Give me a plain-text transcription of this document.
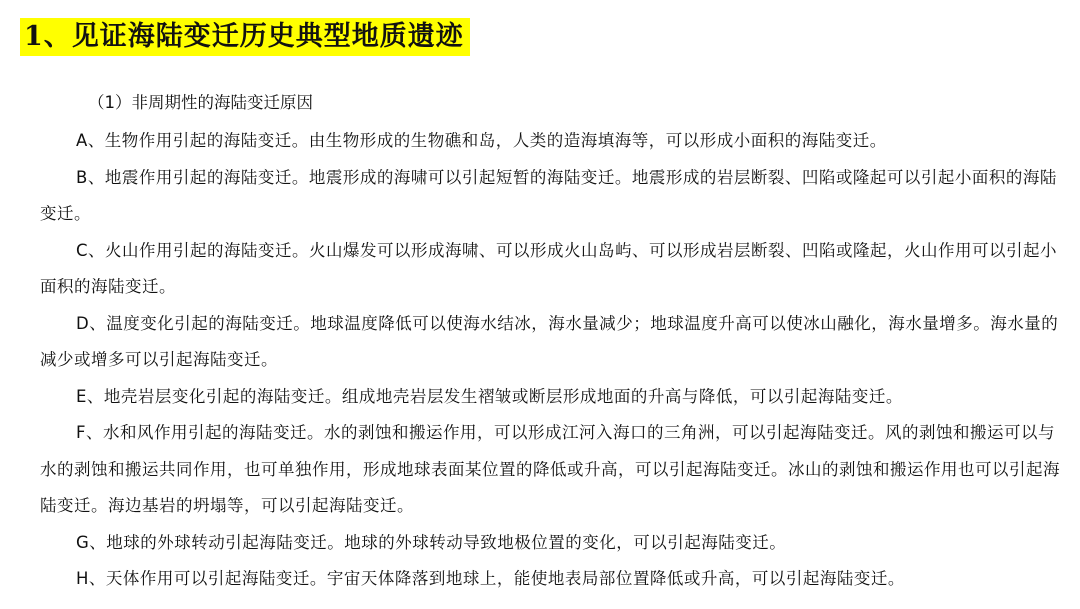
1、见证海陆变迁历史典型地质遗迹
（1）非周期性的海陆变迁原因

A、生物作用引起的海陆变迁。由生物形成的生物礁和岛，人类的造海填海等，可以形成小面积的海陆变迁。

B、地震作用引起的海陆变迁。地震形成的海啸可以引起短暂的海陆变迁。地震形成的岩层断裂、凹陷或隆起可以引起小面积的海陆变迁。

C、火山作用引起的海陆变迁。火山爆发可以形成海啸、可以形成火山岛屿、可以形成岩层断裂、凹陷或隆起，火山作用可以引起小面积的海陆变迁。

D、温度变化引起的海陆变迁。地球温度降低可以使海水结冰，海水量减少；地球温度升高可以使冰山融化，海水量增多。海水量的减少或增多可以引起海陆变迁。

E、地壳岩层变化引起的海陆变迁。组成地壳岩层发生褶皱或断层形成地面的升高与降低，可以引起海陆变迁。

F、水和风作用引起的海陆变迁。水的剥蚀和搬运作用，可以形成江河入海口的三角洲，可以引起海陆变迁。风的剥蚀和搬运可以与水的剥蚀和搬运共同作用，也可单独作用，形成地球表面某位置的降低或升高，可以引起海陆变迁。冰山的剥蚀和搬运作用也可以引起海陆变迁。海边基岩的坍塌等，可以引起海陆变迁。

G、地球的外球转动引起海陆变迁。地球的外球转动导致地极位置的变化，可以引起海陆变迁。

H、天体作用可以引起海陆变迁。宇宙天体降落到地球上，能使地表局部位置降低或升高，可以引起海陆变迁。
